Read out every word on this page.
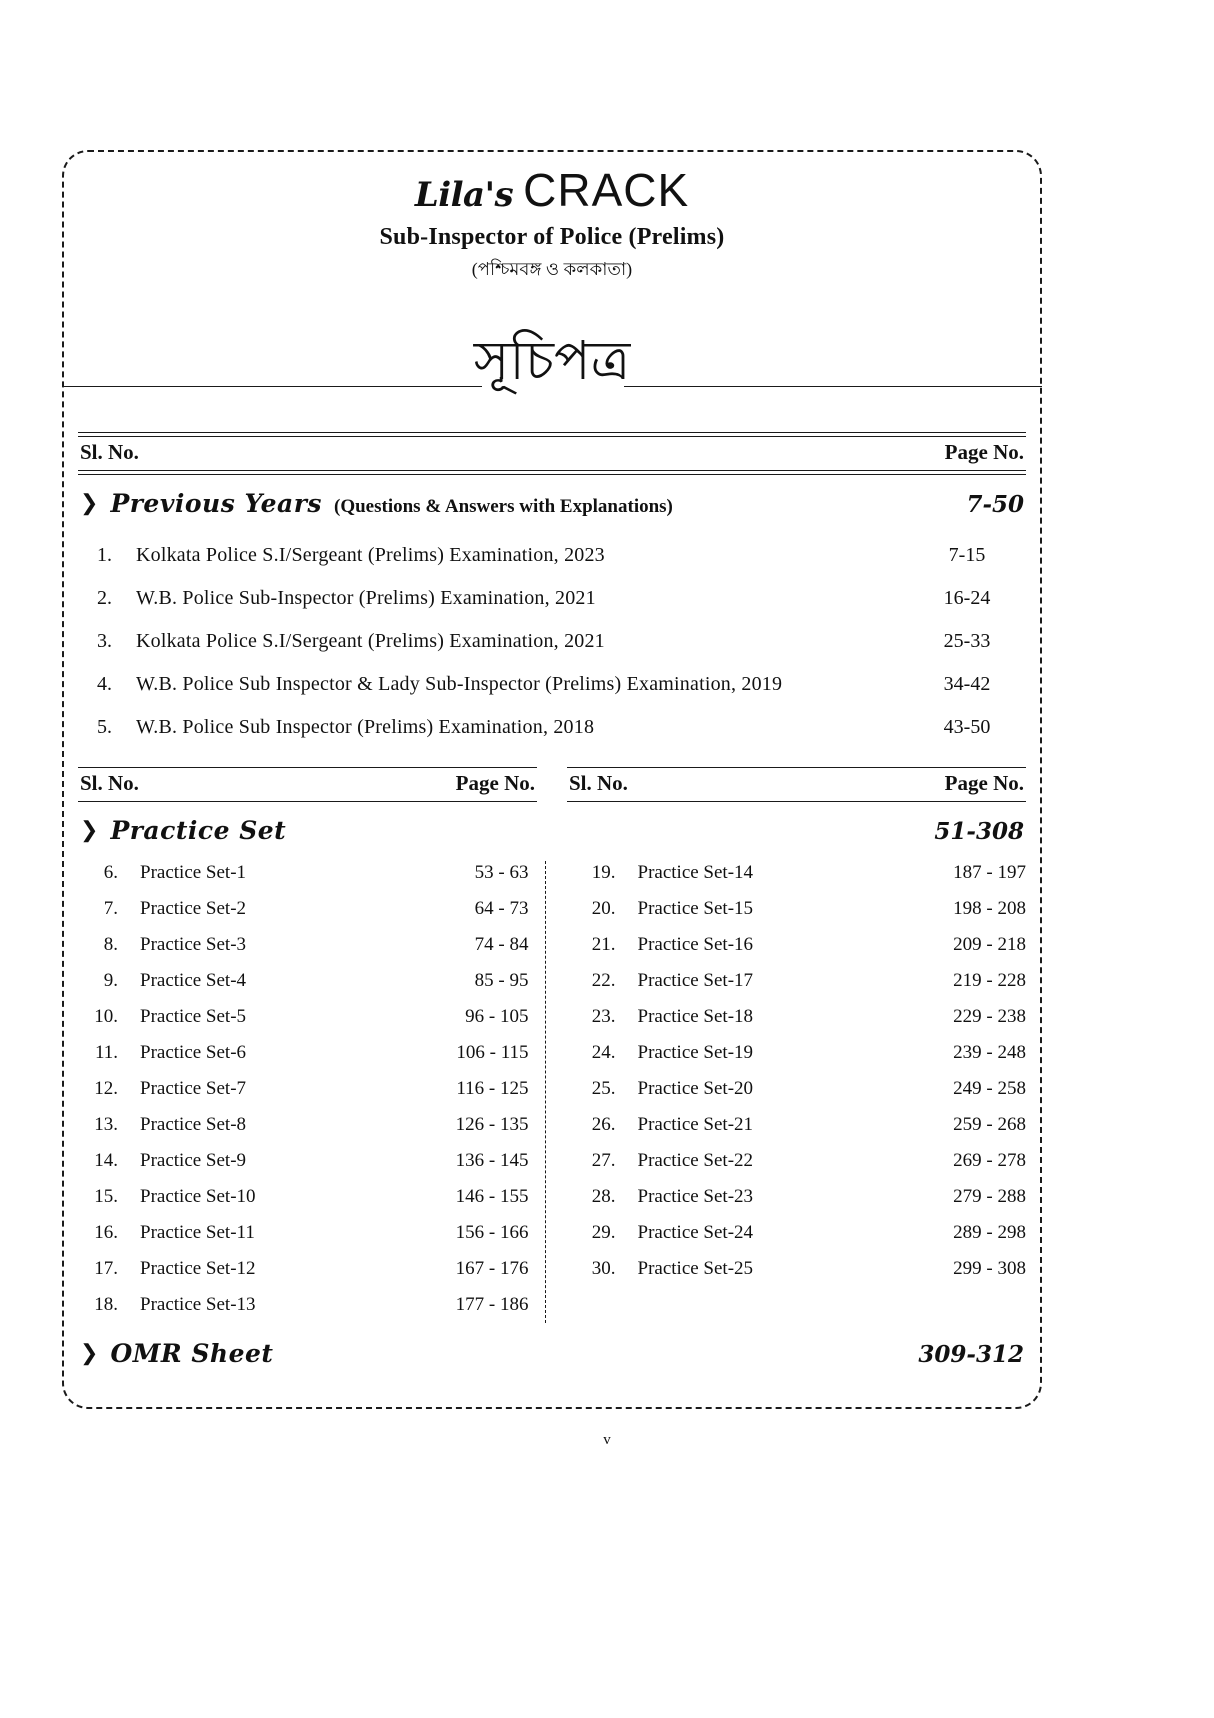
Lila's CRACK
Sub-Inspector of Police (Prelims)
(পশ্চিমবঙ্গ ও কলকাতা)
সূচিপত্র
Sl. No.	Page No.
❯ Previous Years (Questions & Answers with Explanations)	7-50
1.	Kolkata Police S.I/Sergeant (Prelims) Examination, 2023	7-15
2.	W.B. Police Sub-Inspector (Prelims) Examination, 2021	16-24
3.	Kolkata Police S.I/Sergeant (Prelims) Examination, 2021	25-33
4.	W.B. Police Sub Inspector & Lady Sub-Inspector (Prelims) Examination, 2019	34-42
5.	W.B. Police Sub Inspector (Prelims) Examination, 2018	43-50
Sl. No.	Page No. Sl. No.	Page No.
❯ Practice Set	51-308
6.	Practice Set-1	53 - 63
7.	Practice Set-2	64 - 73
8.	Practice Set-3	74 - 84
9.	Practice Set-4	85 - 95
10.	Practice Set-5	96 - 105
11.	Practice Set-6	106 - 115
12.	Practice Set-7	116 - 125
13.	Practice Set-8	126 - 135
14.	Practice Set-9	136 - 145
15.	Practice Set-10	146 - 155
16.	Practice Set-11	156 - 166
17.	Practice Set-12	167 - 176
18.	Practice Set-13	177 - 186
19.	Practice Set-14	187 - 197
20.	Practice Set-15	198 - 208
21.	Practice Set-16	209 - 218
22.	Practice Set-17	219 - 228
23.	Practice Set-18	229 - 238
24.	Practice Set-19	239 - 248
25.	Practice Set-20	249 - 258
26.	Practice Set-21	259 - 268
27.	Practice Set-22	269 - 278
28.	Practice Set-23	279 - 288
29.	Practice Set-24	289 - 298
30.	Practice Set-25	299 - 308
❯ OMR Sheet	309-312
v
